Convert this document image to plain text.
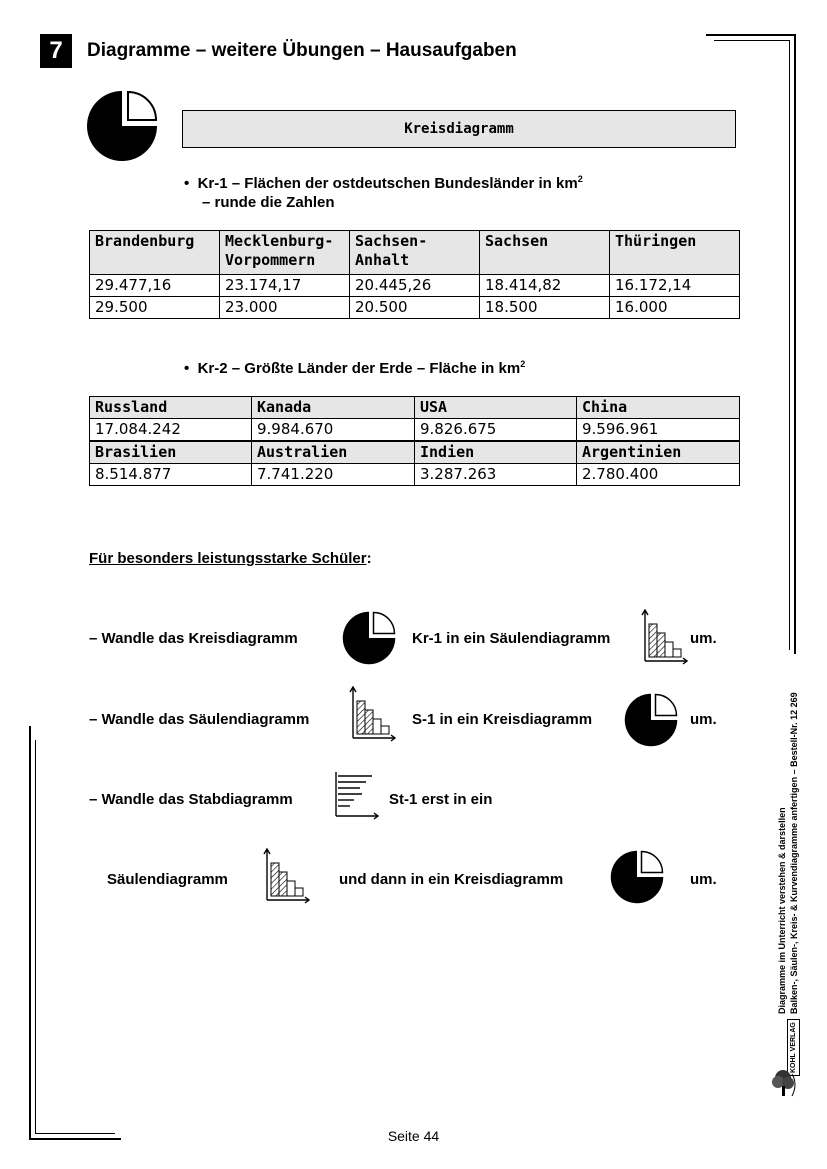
7	Diagramme – weitere Übungen – Hausaufgaben
Kreisdiagramm
•  Kr-1 – Flächen der ostdeutschen Bundesländer in $km^2$
– runde die Zahlen
Brandenburg	Mecklenburg-Vorpommern	Sachsen-Anhalt	Sachsen	Thüringen
29.477,16	23.174,17	20.445,26	18.414,82	16.172,14
29.500	23.000	20.500	18.500	16.000
•  Kr-2 – Größte Länder der Erde – Fläche in $km^2$
Russland	Kanada	USA	China
17.084.242	9.984.670	9.826.675	9.596.961
Brasilien	Australien	Indien	Argentinien
8.514.877	7.741.220	3.287.263	2.780.400
Für besonders leistungsstarke Schüler:
– Wandle das Kreisdiagramm	Kr-1 in ein Säulendiagramm	um.
– Wandle das Säulendiagramm	S-1 in ein Kreisdiagramm	um.
– Wandle das Stabdiagramm	St-1 erst in ein
Säulendiagramm	und dann in ein Kreisdiagramm	um.	Diagramme im Unterricht verstehen & darstellen Balken-, Säulen-, Kreis- & Kurvendiagramme anfertigen – Bestell-Nr. 12 269
KOHL VERLAG
Seite 44
